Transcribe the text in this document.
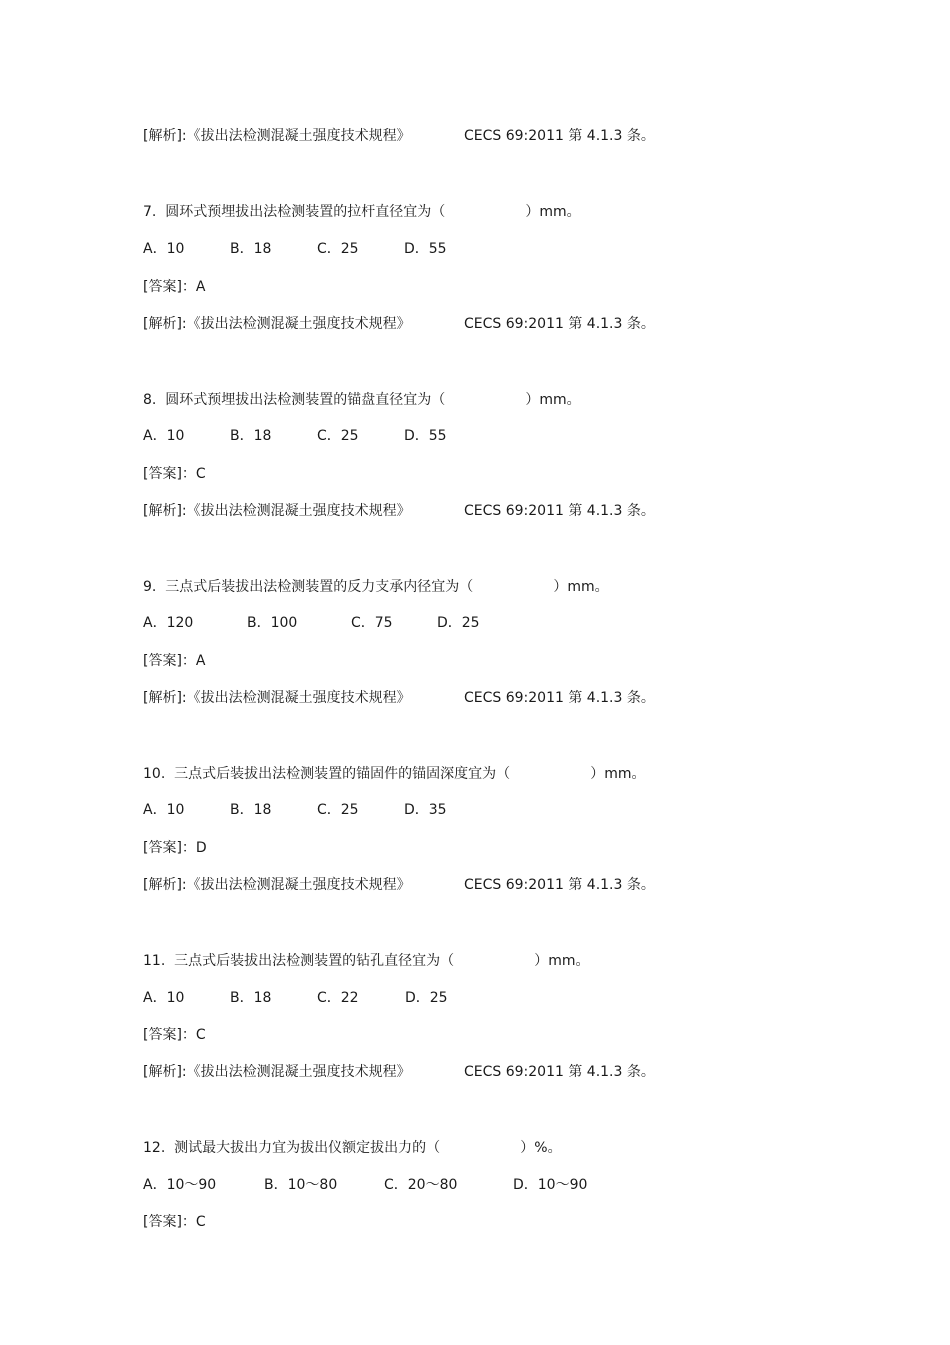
[解析]:《拔出法检测混凝土强度技术规程》

	CECS 69:2011 第 4.1.3 条。

7.  圆环式预埋拔出法检测装置的拉杆直径宜为（                  ）mm。

A．10

	B．18

	C．25

	D．55

[答案]：A

[解析]:《拔出法检测混凝土强度技术规程》

	CECS 69:2011 第 4.1.3 条。

8.  圆环式预埋拔出法检测装置的锚盘直径宜为（                  ）mm。

A．10

	B．18

	C．25

	D．55

[答案]：C

[解析]:《拔出法检测混凝土强度技术规程》

	CECS 69:2011 第 4.1.3 条。

9.  三点式后装拔出法检测装置的反力支承内径宜为（                  ）mm。

A．120

	B．100

	C．75

	D．25

[答案]：A

[解析]:《拔出法检测混凝土强度技术规程》

	CECS 69:2011 第 4.1.3 条。

10.  三点式后装拔出法检测装置的锚固件的锚固深度宜为（                  ）mm。

A．10

	B．18

	C．25

	D．35

[答案]：D

[解析]:《拔出法检测混凝土强度技术规程》

	CECS 69:2011 第 4.1.3 条。

11.  三点式后装拔出法检测装置的钻孔直径宜为（                  ）mm。

A．10

	B．18

	C．22

	D．25

[答案]：C

[解析]:《拔出法检测混凝土强度技术规程》

	CECS 69:2011 第 4.1.3 条。

12.  测试最大拔出力宜为拔出仪额定拔出力的（                  ）%。

A．10～90

	B．10～80

	C．20～80

	D．10～90

[答案]：C
